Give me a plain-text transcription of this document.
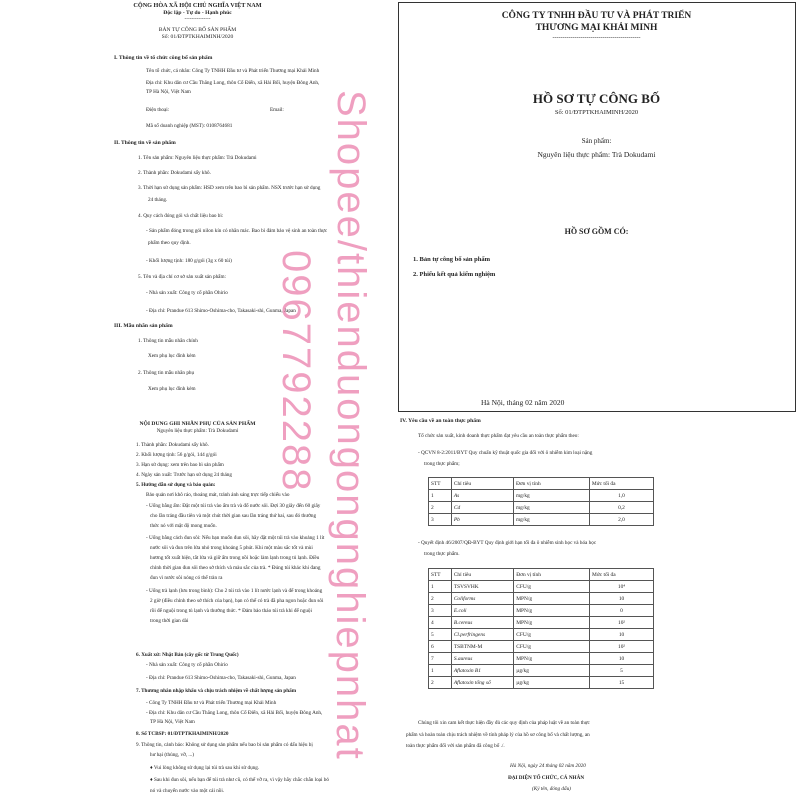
CỘNG HÒA XÃ HỘI CHỦ NGHĨA VIỆT NAM
Độc lập - Tự do - Hạnh phúc
---------------
BẢN TỰ CÔNG BỐ SẢN PHẨM
Số: 01/ĐTPTKHAIMINH/2020
I. Thông tin về tổ chức công bố sản phẩm
Tên tổ chức, cá nhân: Công Ty TNHH Đầu tư và Phát triển Thương mại Khải Minh
Địa chỉ: Khu dân cư Cầu Thăng Long, thôn Cổ Điển, xã Hải Bối, huyện Đông Anh,
TP Hà Nội, Việt Nam
Điện thoại:	Email:
Mã số doanh nghiệp (MST): 0108764681
II. Thông tin về sản phẩm
1. Tên sản phẩm: Nguyên liệu thực phẩm: Trà Dokudami
2. Thành phần: Dokudami sấy khô.
3. Thời hạn sử dụng sản phẩm: HSD xem trên bao bì sản phẩm. NSX trước hạn sử dụng
24 tháng.
4. Quy cách đóng gói và chất liệu bao bì:
- Sản phẩm đóng trong gói nilon kín có nhãn mác. Bao bì đảm bảo vệ sinh an toàn thực
phẩm theo quy định.
- Khối lượng tịnh: 180 g/gói (3g x 60 túi)
5. Tên và địa chỉ cơ sở sản xuất sản phẩm:
- Nhà sản xuất: Công ty cổ phần Ohirio
- Địa chỉ: Prandue 613 Shimo-Oshima-cho, Takasaki-shi, Gunma, Japan
III. Mẫu nhãn sản phẩm
1. Thông tin mẫu nhãn chính
Xem phụ lục đính kèm
2. Thông tin mẫu nhãn phụ
Xem phụ lục đính kèm
NỘI DUNG GHI NHÃN PHỤ CỦA SẢN PHẨM
Nguyên liệu thực phẩm: Trà Dokudami
1. Thành phần: Dokudami sấy khô.
2. Khối lượng tịnh: 56 g/gói, 144 g/gói
3. Hạn sử dụng: xem trên bao bì sản phẩm
4. Ngày sản xuất: Trước hạn sử dụng 24 tháng
5. Hướng dẫn sử dụng và bảo quản:
Bảo quản nơi khô ráo, thoáng mát, tránh ánh sáng trực tiếp chiếu vào
- Uống bằng ấm: Đặt một túi trà vào ấm trà và đổ nước sôi. Đợi 30 giây đến 60 giây
cho lần tráng đầu tiên và một chút thời gian sau lần tráng thứ hai, sau đó thưởng
thức nó với mật độ mong muốn.
- Uống bằng cách đun sôi: Nếu bạn muốn đun sôi, hãy đặt một túi trà vào khoảng 1 lít
nước sôi và đun trên lửa nhỏ trong khoảng 5 phút. Khi một màu sắc tốt và mùi
hương tốt xuất hiện, tắt lửa và giữ ấm trong nồi hoặc làm lạnh trong tủ lạnh. Điều
chỉnh thời gian đun sôi theo sở thích và màu sắc của trà. * Đúng túi khác khi đang
đun vì nước sôi nóng có thể tràn ra
- Uống trà lạnh (lưu trong bình): Cho 2 túi trà vào 1 lít nước lạnh và để trong khoảng
2 giờ (điều chỉnh theo sở thích của bạn), bạn có thể có trà đã pha ngon hoặc đun sôi
rồi để nguội trong tủ lạnh và thưởng thức. * Đảm bảo tháo túi trà khi để nguội
trong thời gian dài
6. Xuất xứ: Nhật Bản (cây gốc từ Trung Quốc)
- Nhà sản xuất: Công ty cổ phần Ohirio
- Địa chỉ: Prandue 613 Shimo-Oshima-cho, Takasaki-shi, Gunma, Japan
7. Thương nhân nhập khẩu và chịu trách nhiệm về chất lượng sản phẩm
- Công Ty TNHH Đầu tư và Phát triển Thương mại Khải Minh
- Địa chỉ: Khu dân cư Cầu Thăng Long, thôn Cổ Điển, xã Hải Bối, huyện Đông Anh,
TP Hà Nội, Việt Nam
8. Số TCBSP: 01/ĐTPTKHAIMINH/2020
9. Thông tin, cảnh báo: Không sử dụng sản phẩm nếu bao bì sản phẩm có dấu hiệu bị
hư hại (thủng, vỡ, ...)
♦ Vui lòng không sử dụng lại túi trà sau khi sử dụng.
♦ Sau khi đun sôi, nếu bạn để túi trà như cũ, có thể vỡ ra, vì vậy hãy chắc chắn loại bỏ
nó và chuyển nước vào một cái nồi.
CÔNG TY TNHH ĐẦU TƯ VÀ PHÁT TRIỂN
THƯƠNG MẠI KHẢI MINH
--------------------------------------------
HỒ SƠ TỰ CÔNG BỐ
Số: 01/ĐTPTKHAIMINH/2020
Sản phẩm:
Nguyên liệu thực phẩm: Trà Dokudami
HỒ SƠ GỒM CÓ:
1. Bản tự công bố sản phẩm
2. Phiếu kết quả kiểm nghiệm
Hà Nội, tháng 02 năm 2020
IV. Yêu cầu về an toàn thực phẩm
Tổ chức sản xuất, kinh doanh thực phẩm đạt yêu cầu an toàn thực phẩm theo:
- QCVN 8-2:2011/BYT Quy chuẩn kỹ thuật quốc gia đối với ô nhiễm kim loại nặng
trong thực phẩm;
STT	Chỉ tiêu	Đơn vị tính	Mức tối đa
1	As	mg/kg	1,0
2	Cd	mg/kg	0,2
3	Pb	mg/kg	2,0
- Quyết định 46/2007/QĐ-BYT Quy định giới hạn tối đa ô nhiễm sinh học và hóa học
trong thực phẩm.
STT	Chỉ tiêu	Đơn vị tính	Mức tối đa
1	TSVSVHK	CFU/g	10⁴
2	Coliforms	MPN/g	10
3	E.coli	MPN/g	0
4	B.cereus	MPN/g	10²
5	Cl.perfringens	CFU/g	10
6	TSBTNM-M	CFU/g	10²
7	S.aureus	MPN/g	10
1	Aflatoxin B1	µg/kg	5
2	Aflatoxin tổng số	µg/kg	15
Chúng tôi xin cam kết thực hiện đầy đủ các quy định của pháp luật về an toàn thực
phẩm và hoàn toàn chịu trách nhiệm về tính pháp lý của hồ sơ công bố và chất lượng, an
toàn thực phẩm đối với sản phẩm đã công bố ./.
Hà Nội, ngày 24 tháng 02 năm 2020
ĐẠI DIỆN TỔ CHỨC, CÁ NHÂN
(Ký tên, đóng dấu)
Shopee/thienduong
0967792288
ongnghiepnhat
